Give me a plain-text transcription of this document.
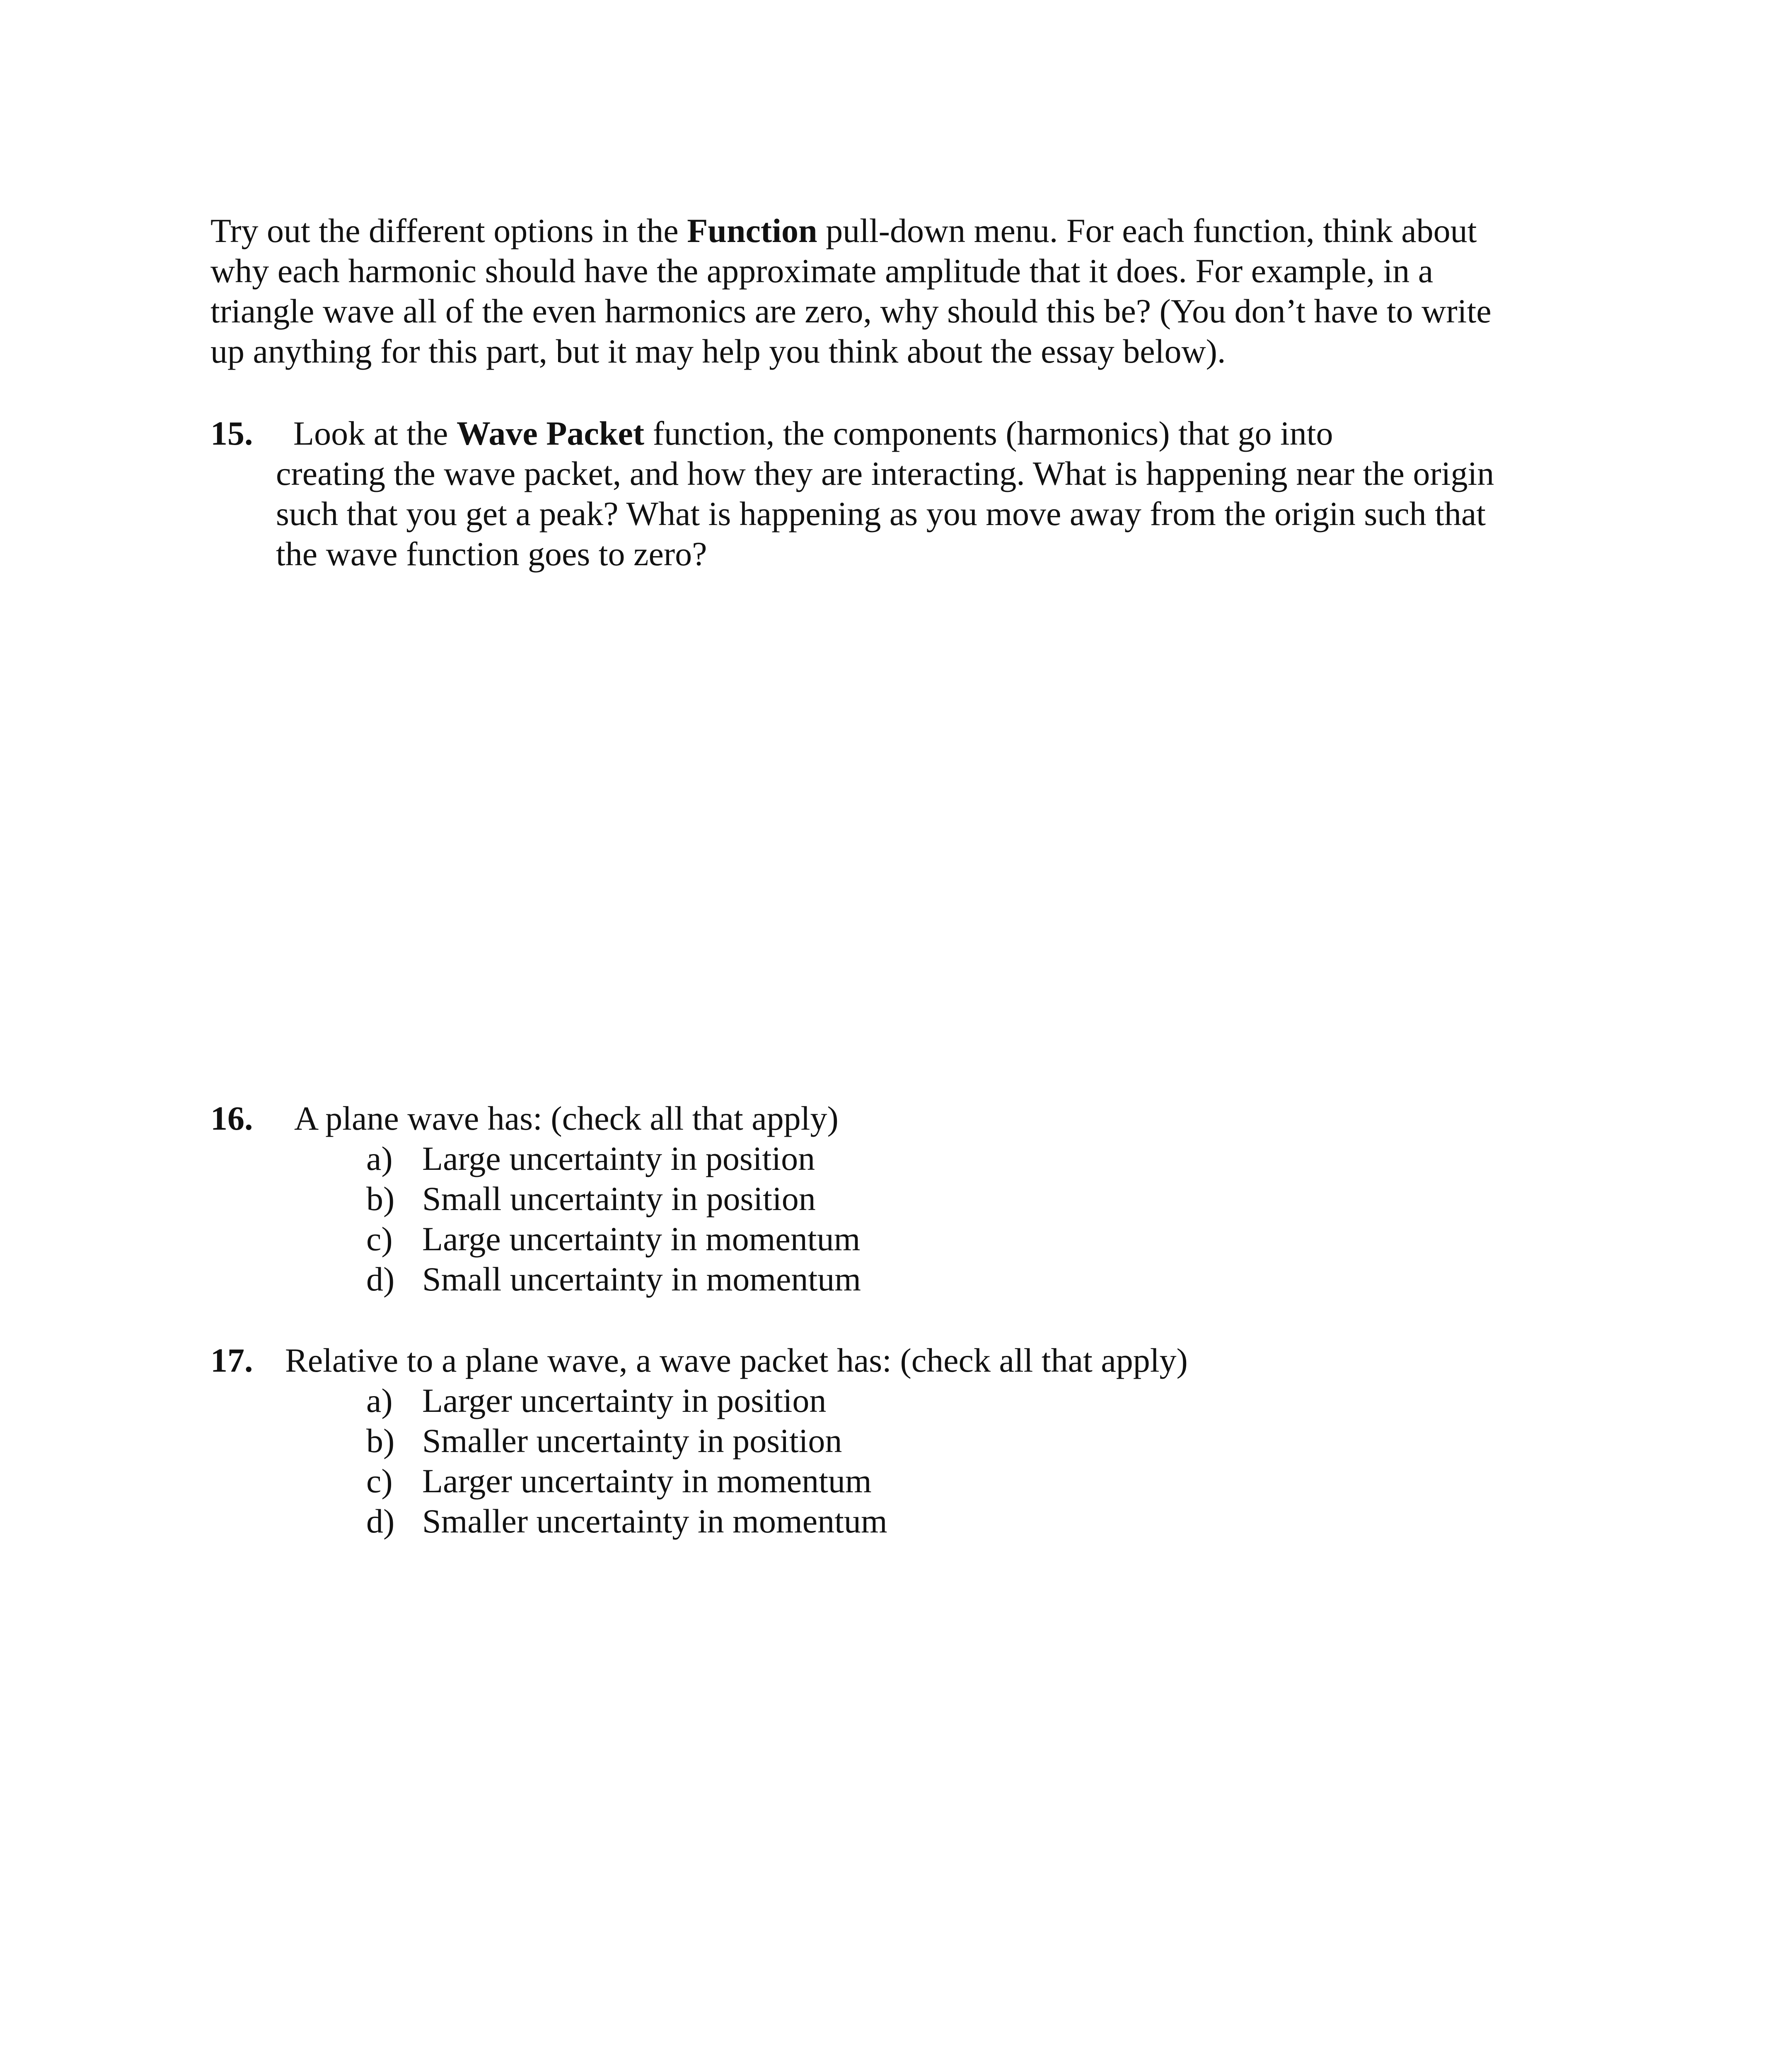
Try out the different options in the Function pull-down menu. For each function, think about
why each harmonic should have the approximate amplitude that it does. For example, in a
triangle wave all of the even harmonics are zero, why should this be? (You don’t have to write
up anything for this part, but it may help you think about the essay below).
15. Look at the Wave Packet function, the components (harmonics) that go into
creating the wave packet, and how they are interacting. What is happening near the origin
such that you get a peak? What is happening as you move away from the origin such that
the wave function goes to zero?
16. A plane wave has: (check all that apply)
a) Large uncertainty in position
b) Small uncertainty in position
c) Large uncertainty in momentum
d) Small uncertainty in momentum
17. Relative to a plane wave, a wave packet has: (check all that apply)
a) Larger uncertainty in position
b) Smaller uncertainty in position
c) Larger uncertainty in momentum
d) Smaller uncertainty in momentum
